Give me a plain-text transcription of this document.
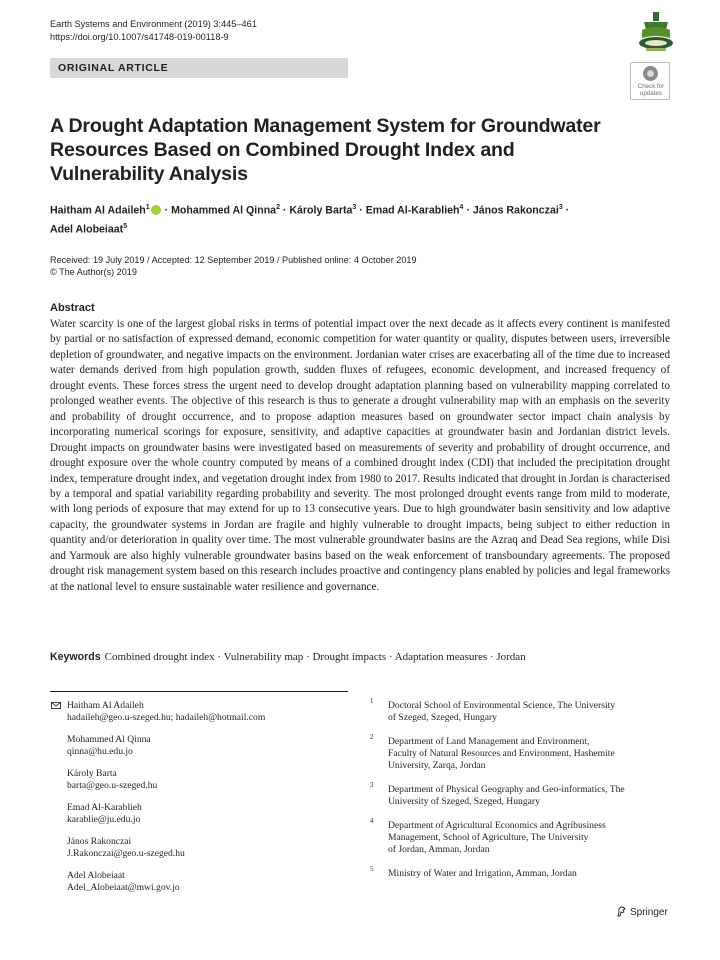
Earth Systems and Environment (2019) 3:445–461
https://doi.org/10.1007/s41748-019-00118-9
Check for
updates
ORIGINAL ARTICLE
A Drought Adaptation Management System for Groundwater Resources Based on Combined Drought Index and Vulnerability Analysis
Haitham Al Adaileh$^1$ · Mohammed Al Qinna$^2$ · Károly Barta$^3$ · Emad Al-Karablieh$^4$ · János Rakonczai$^3$ ·
Adel Alobeiaat$^5$
Received: 19 July 2019 / Accepted: 12 September 2019 / Published online: 4 October 2019
© The Author(s) 2019
Abstract
Water scarcity is one of the largest global risks in terms of potential impact over the next decade as it affects every continent is manifested by partial or no satisfaction of expressed demand, economic competition for water quantity or quality, disputes between users, irreversible depletion of groundwater, and negative impacts on the environment. Jordanian water crises are exacerbating all of the time due to increased water demands derived from high population growth, sudden fluxes of refugees, economic development, and increased frequency of drought events. These forces stress the urgent need to develop drought adaptation planning based on vulnerability mapping correlated to prolonged weather events. The objective of this research is thus to generate a drought vulnerability map with an emphasis on the severity and probability of drought occurrence, and to propose adaption measures based on groundwater sector impact chain analysis by incorporating numerical scorings for exposure, sensitivity, and adaptive capacities at groundwater basin and Jordanian district levels. Drought impacts on groundwater basins were investigated based on measurements of severity and probability of drought occurrence, and drought exposure over the whole country computed by means of a combined drought index (CDI) that included the precipitation drought index, temperature drought index, and vegetation drought index from 1980 to 2017. Results indicated that drought in Jordan is characterised by a temporal and spatial variability regarding probability and severity. The most prolonged drought events range from mild to moderate, with long periods of exposure that may extend for up to 13 consecutive years. Due to high groundwater basin sensitivity and low adaptive capacity, the groundwater systems in Jordan are fragile and highly vulnerable to drought impacts, being subject to either reduction in quantity and/or deterioration in quality over time. The most vulnerable groundwater basins are the Azraq and Dead Sea regions, while Disi and Yarmouk are also highly vulnerable groundwater basins based on the weak enforcement of transboundary agreements. The proposed drought risk management system based on this research includes proactive and contingency plans enabled by policies and legal frameworks at the national level to ensure sustainable water resilience and governance.
Keywords Combined drought index · Vulnerability map · Drought impacts · Adaptation measures · Jordan
Haitham Al Adaileh
hadaileh@geo.u-szeged.hu; hadaileh@hotmail.com
Mohammed Al Qinna
qinna@hu.edu.jo
Károly Barta
barta@geo.u-szeged.hu
Emad Al-Karablieh
karablie@ju.edu.jo
János Rakonczai
J.Rakonczai@geo.u-szeged.hu
Adel Alobeiaat
Adel_Alobeiaat@mwi.gov.jo
1 Doctoral School of Environmental Science, The University
of Szeged, Szeged, Hungary
2 Department of Land Management and Environment,
Faculty of Natural Resources and Environment, Hashemite
University, Zarqa, Jordan
3 Department of Physical Geography and Geo-informatics, The
University of Szeged, Szeged, Hungary
4 Department of Agricultural Economics and Agribusiness
Management, School of Agriculture, The University
of Jordan, Amman, Jordan
5 Ministry of Water and Irrigation, Amman, Jordan
Springer
